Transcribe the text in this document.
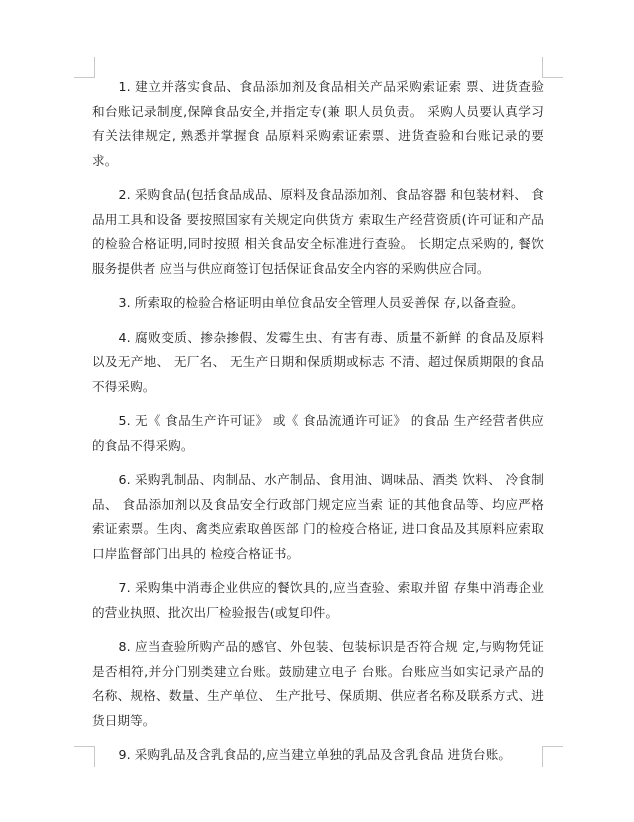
1. 建立并落实食品、食品添加剂及食品相关产品采购索证索 票、进货查验和台账记录制度,保障食品安全,并指定专(兼 职人员负责。 采购人员要认真学习有关法律规定, 熟悉并掌握食 品原料采购索证索票、进货查验和台账记录的要求。

2. 采购食品(包括食品成品、原料及食品添加剂、食品容器 和包装材料、 食品用工具和设备 要按照国家有关规定向供货方 索取生产经营资质(许可证和产品的检验合格证明,同时按照 相关食品安全标准进行查验。 长期定点采购的, 餐饮服务提供者 应当与供应商签订包括保证食品安全内容的采购供应合同。

3. 所索取的检验合格证明由单位食品安全管理人员妥善保 存,以备查验。

4. 腐败变质、掺杂掺假、发霉生虫、有害有毒、质量不新鲜 的食品及原料以及无产地、 无厂名、 无生产日期和保质期或标志 不清、超过保质期限的食品不得采购。

5. 无《 食品生产许可证》 或《 食品流通许可证》 的食品 生产经营者供应的食品不得采购。

6. 采购乳制品、肉制品、水产制品、食用油、调味品、酒类 饮料、 冷食制品、 食品添加剂以及食品安全行政部门规定应当索 证的其他食品等、均应严格索证索票。生肉、禽类应索取兽医部 门的检疫合格证, 进口食品及其原料应索取口岸监督部门出具的 检疫合格证书。

7. 采购集中消毒企业供应的餐饮具的,应当查验、索取并留 存集中消毒企业的营业执照、批次出厂检验报告(或复印件。

8. 应当查验所购产品的感官、外包装、包装标识是否符合规 定,与购物凭证是否相符,并分门别类建立台账。鼓励建立电子 台账。台账应当如实记录产品的名称、规格、数量、生产单位、 生产批号、保质期、供应者名称及联系方式、进货日期等。

9. 采购乳品及含乳食品的,应当建立单独的乳品及含乳食品 进货台账。
